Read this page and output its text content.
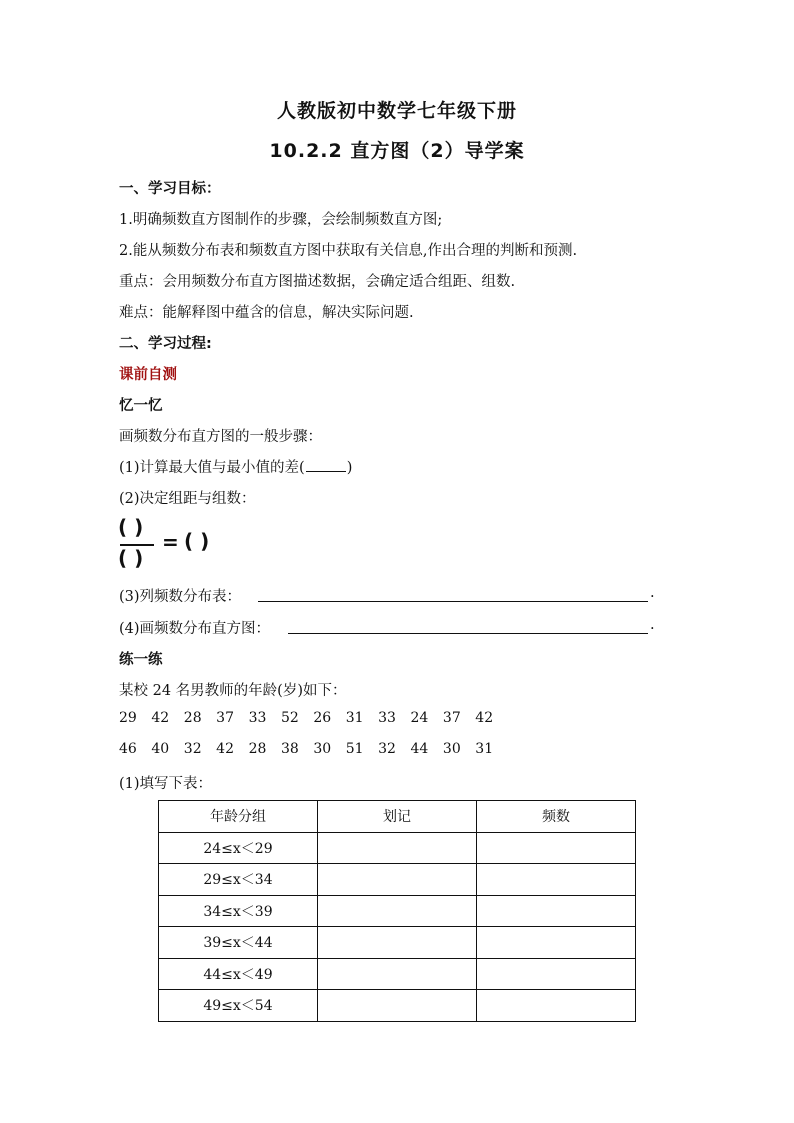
人教版初中数学七年级下册
10.2.2 直方图（2）导学案
一、学习目标：
1.明确频数直方图制作的步骤，会绘制频数直方图;
2.能从频数分布表和频数直方图中获取有关信息,作出合理的判断和预测.
重点：会用频数分布直方图描述数据，会确定适合组距、组数.
难点：能解释图中蕴含的信息，解决实际问题.
二、学习过程:
课前自测
忆一忆
画频数分布直方图的一般步骤：
(1)计算最大值与最小值的差(	)
(2)决定组距与组数：
( )
( )
= ( )
(3)列频数分布表：	.
(4)画频数分布直方图：	.
练一练
某校 24 名男教师的年龄(岁)如下：
29 42 28 37 33 52 26 31 33 24 37 42
46 40 32 42 28 38 30 51 32 44 30 31
(1)填写下表：
年龄分组	划记	频数
24≤x＜29		
29≤x＜34		
34≤x＜39		
39≤x＜44		
44≤x＜49		
49≤x＜54		
